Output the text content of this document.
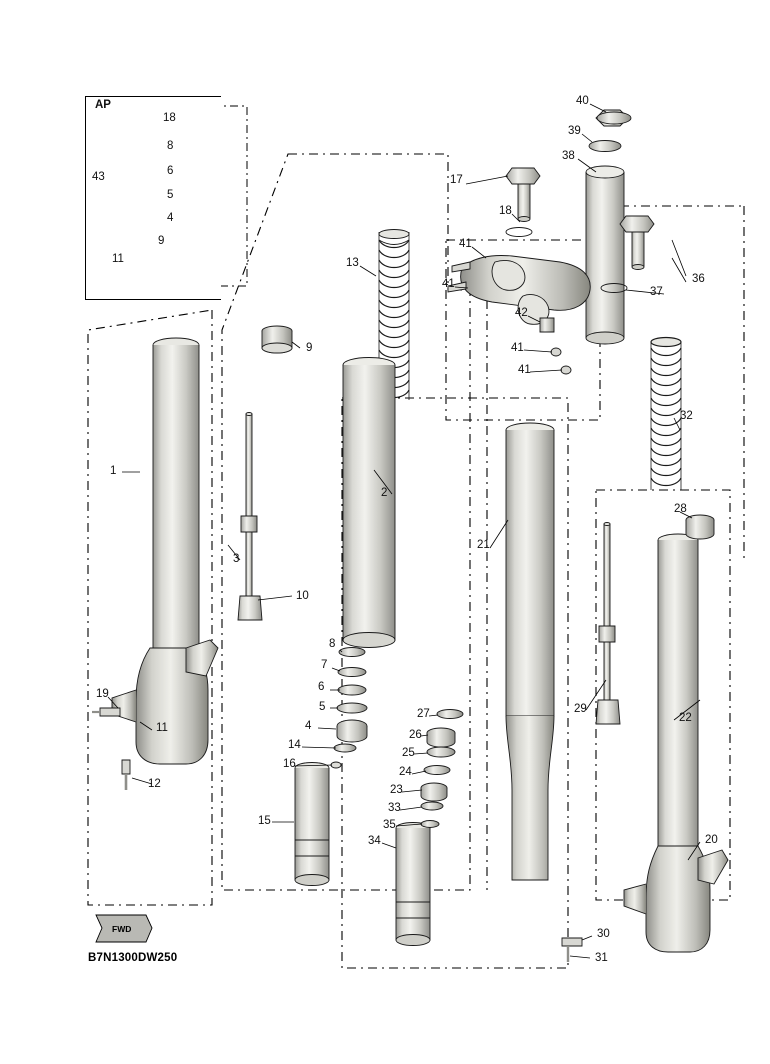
AP
FWD
B7N1300DW250
43
18
8
6
5
4
9
11
1
3
9
10
19
11
12
15
13
2
8
7
6
5
4
14
16
34
35
33
23
24
25
26
27
21
17
18
41
41
42
41
41
40
39
38
36
37
32
28
22
20
29
30
31
